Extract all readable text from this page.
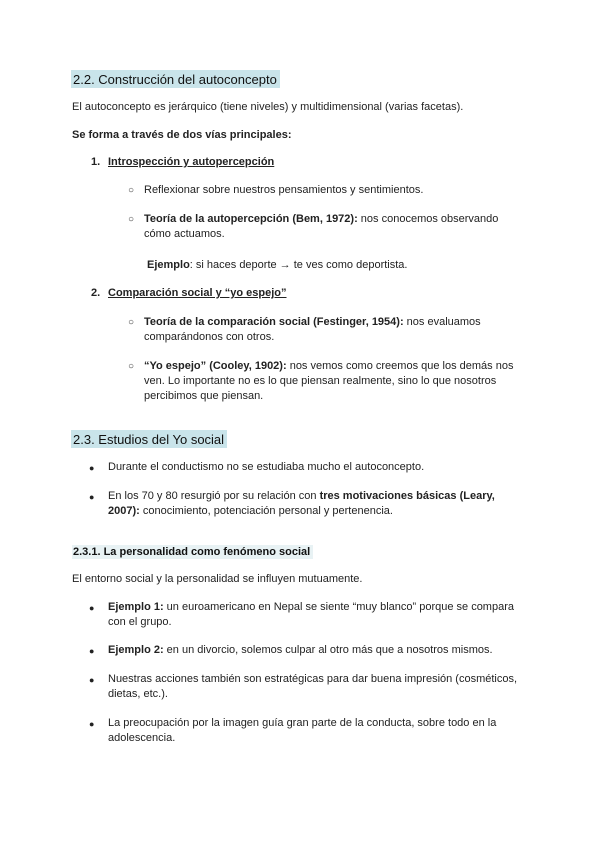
2.2. Construcción del autoconcepto
El autoconcepto es jerárquico (tiene niveles) y multidimensional (varias facetas).
Se forma a través de dos vías principales:
1. Introspección y autopercepción
○ Reflexionar sobre nuestros pensamientos y sentimientos.
○ Teoría de la autopercepción (Bem, 1972): nos conocemos observando
cómo actuamos.
Ejemplo: si haces deporte → te ves como deportista.
2. Comparación social y “yo espejo”
○ Teoría de la comparación social (Festinger, 1954): nos evaluamos
comparándonos con otros.
○ “Yo espejo” (Cooley, 1902): nos vemos como creemos que los demás nos
ven. Lo importante no es lo que piensan realmente, sino lo que nosotros
percibimos que piensan.
2.3. Estudios del Yo social
●	Durante el conductismo no se estudiaba mucho el autoconcepto.
●	En los 70 y 80 resurgió por su relación con tres motivaciones básicas (Leary,
2007): conocimiento, potenciación personal y pertenencia.
2.3.1. La personalidad como fenómeno social
El entorno social y la personalidad se influyen mutuamente.
●	Ejemplo 1: un euroamericano en Nepal se siente “muy blanco” porque se compara
con el grupo.
●	Ejemplo 2: en un divorcio, solemos culpar al otro más que a nosotros mismos.
●	Nuestras acciones también son estratégicas para dar buena impresión (cosméticos,
dietas, etc.).
●	La preocupación por la imagen guía gran parte de la conducta, sobre todo en la
adolescencia.
